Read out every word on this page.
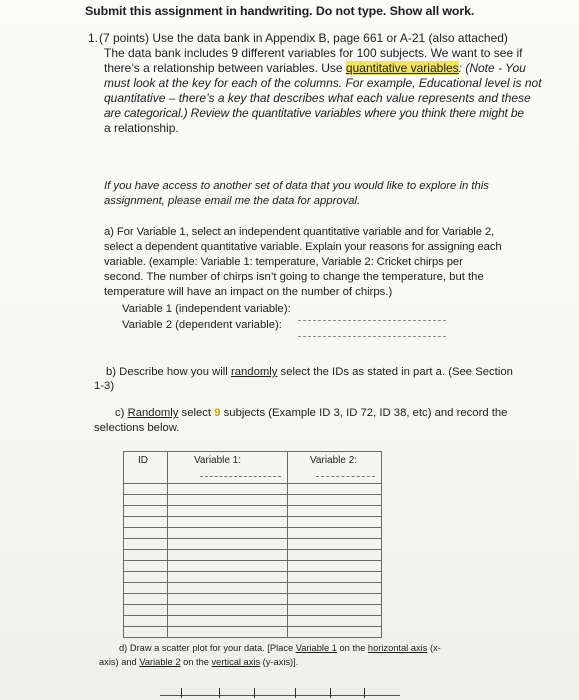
Submit this assignment in handwriting. Do not type. Show all work.
1. (7 points) Use the data bank in Appendix B, page 661 or A-21 (also attached)
The data bank includes 9 different variables for 100 subjects. We want to see if
there’s a relationship between variables. Use quantitative variables: (Note - You
must look at the key for each of the columns. For example, Educational level is not
quantitative – there’s a key that describes what each value represents and these
are categorical.) Review the quantitative variables where you think there might be
a relationship.
If you have access to another set of data that you would like to explore in this
assignment, please email me the data for approval.
a) For Variable 1, select an independent quantitative variable and for Variable 2,
select a dependent quantitative variable. Explain your reasons for assigning each
variable. (example: Variable 1: temperature, Variable 2: Cricket chirps per
second. The number of chirps isn’t going to change the temperature, but the
temperature will have an impact on the number of chirps.)
Variable 1 (independent variable):
Variable 2 (dependent variable):
b) Describe how you will randomly select the IDs as stated in part a. (See Section
1-3)
c) Randomly select 9 subjects (Example ID 3, ID 72, ID 38, etc) and record the
selections below.
ID	Variable 1:	Variable 2:

d) Draw a scatter plot for your data. [Place Variable 1 on the horizontal axis (x-
axis) and Variable 2 on the vertical axis (y-axis)].
